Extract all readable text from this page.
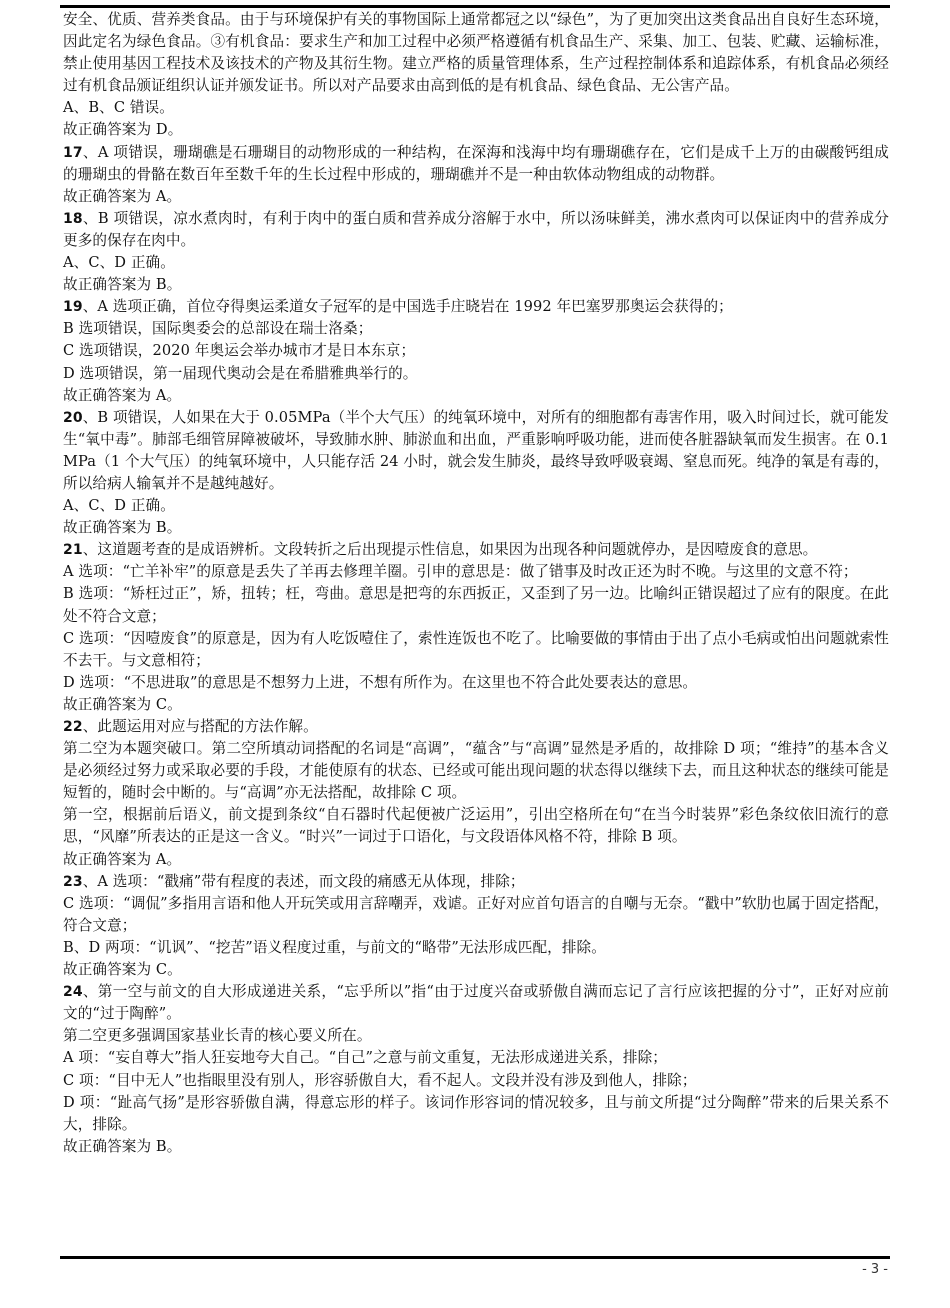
安全、优质、营养类食品。由于与环境保护有关的事物国际上通常都冠之以“绿色”，为了更加突出这类食品出自良好生态环境，因此定名为绿色食品。③有机食品：要求生产和加工过程中必须严格遵循有机食品生产、采集、加工、包装、贮藏、运输标准，禁止使用基因工程技术及该技术的产物及其衍生物。建立严格的质量管理体系，生产过程控制体系和追踪体系，有机食品必须经过有机食品颁证组织认证并颁发证书。所以对产品要求由高到低的是有机食品、绿色食品、无公害产品。

A、B、C 错误。

故正确答案为 D。

17、A 项错误，珊瑚礁是石珊瑚目的动物形成的一种结构，在深海和浅海中均有珊瑚礁存在，它们是成千上万的由碳酸钙组成的珊瑚虫的骨骼在数百年至数千年的生长过程中形成的，珊瑚礁并不是一种由软体动物组成的动物群。

故正确答案为 A。

18、B 项错误，凉水煮肉时，有利于肉中的蛋白质和营养成分溶解于水中，所以汤味鲜美，沸水煮肉可以保证肉中的营养成分更多的保存在肉中。

A、C、D 正确。

故正确答案为 B。

19、A 选项正确，首位夺得奥运柔道女子冠军的是中国选手庄晓岩在 1992 年巴塞罗那奥运会获得的；

B 选项错误，国际奥委会的总部设在瑞士洛桑；

C 选项错误，2020 年奥运会举办城市才是日本东京；

D 选项错误，第一届现代奥动会是在希腊雅典举行的。

故正确答案为 A。

20、B 项错误，人如果在大于 0.05MPa（半个大气压）的纯氧环境中，对所有的细胞都有毒害作用，吸入时间过长，就可能发生“氧中毒”。肺部毛细管屏障被破坏，导致肺水肿、肺淤血和出血，严重影响呼吸功能，进而使各脏器缺氧而发生损害。在 0.1MPa（1 个大气压）的纯氧环境中，人只能存活 24 小时，就会发生肺炎，最终导致呼吸衰竭、窒息而死。纯净的氧是有毒的，所以给病人输氧并不是越纯越好。

A、C、D 正确。

故正确答案为 B。

21、这道题考查的是成语辨析。文段转折之后出现提示性信息，如果因为出现各种问题就停办，是因噎废食的意思。

A 选项：“亡羊补牢”的原意是丢失了羊再去修理羊圈。引申的意思是：做了错事及时改正还为时不晚。与这里的文意不符；

B 选项：“矫枉过正”，矫，扭转；枉，弯曲。意思是把弯的东西扳正，又歪到了另一边。比喻纠正错误超过了应有的限度。在此处不符合文意；

C 选项：“因噎废食”的原意是，因为有人吃饭噎住了，索性连饭也不吃了。比喻要做的事情由于出了点小毛病或怕出问题就索性不去干。与文意相符；

D 选项：“不思进取”的意思是不想努力上进，不想有所作为。在这里也不符合此处要表达的意思。

故正确答案为 C。

22、此题运用对应与搭配的方法作解。

第二空为本题突破口。第二空所填动词搭配的名词是“高调”，“蕴含”与“高调”显然是矛盾的，故排除 D 项；“维持”的基本含义是必须经过努力或采取必要的手段，才能使原有的状态、已经或可能出现问题的状态得以继续下去，而且这种状态的继续可能是短暂的，随时会中断的。与“高调”亦无法搭配，故排除 C 项。

第一空，根据前后语义，前文提到条纹“自石器时代起便被广泛运用”，引出空格所在句“在当今时装界”彩色条纹依旧流行的意思，“风靡”所表达的正是这一含义。“时兴”一词过于口语化，与文段语体风格不符，排除 B 项。

故正确答案为 A。

23、A 选项：“戳痛”带有程度的表述，而文段的痛感无从体现，排除；

C 选项：“调侃”多指用言语和他人开玩笑或用言辞嘲弄，戏谑。正好对应首句语言的自嘲与无奈。“戳中”软肋也属于固定搭配，符合文意；

B、D 两项：“讥讽”、“挖苦”语义程度过重，与前文的“略带”无法形成匹配，排除。

故正确答案为 C。

24、第一空与前文的自大形成递进关系，“忘乎所以”指“由于过度兴奋或骄傲自满而忘记了言行应该把握的分寸”，正好对应前文的“过于陶醉”。

第二空更多强调国家基业长青的核心要义所在。

A 项：“妄自尊大”指人狂妄地夸大自己。“自己”之意与前文重复，无法形成递进关系，排除；

C 项：“目中无人”也指眼里没有别人，形容骄傲自大，看不起人。文段并没有涉及到他人，排除；

D 项：“趾高气扬”是形容骄傲自满，得意忘形的样子。该词作形容词的情况较多，且与前文所提“过分陶醉”带来的后果关系不大，排除。

故正确答案为 B。

- 3 -
